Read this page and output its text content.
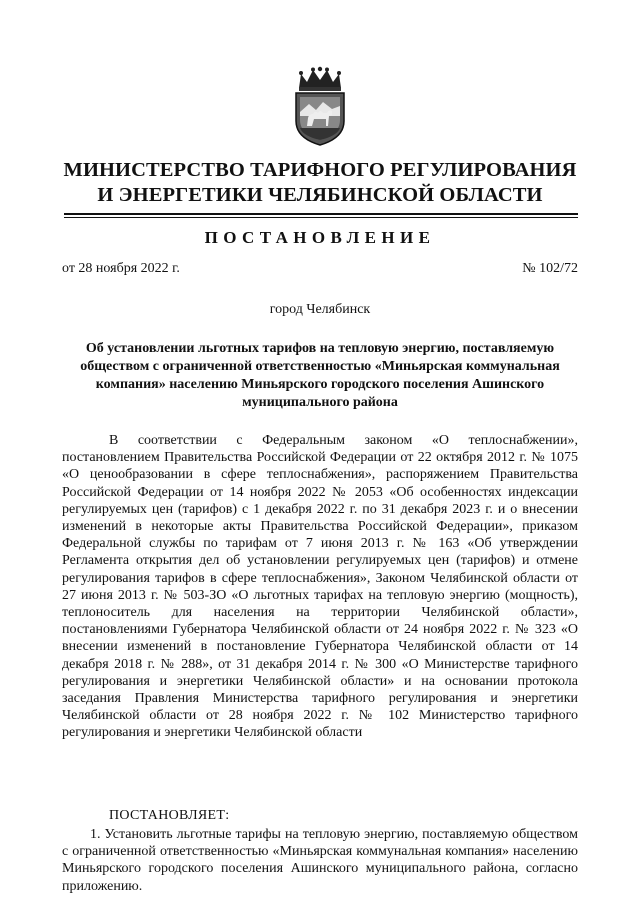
МИНИСТЕРСТВО ТАРИФНОГО РЕГУЛИРОВАНИЯ
И ЭНЕРГЕТИКИ ЧЕЛЯБИНСКОЙ ОБЛАСТИ
ПОСТАНОВЛЕНИЕ
от 28 ноября 2022 г.	№ 102/72
город Челябинск
Об установлении льготных тарифов на тепловую энергию, поставляемую обществом с ограниченной ответственностью «Миньярская коммунальная компания» населению Миньярского городского поселения Ашинского муниципального района
В соответствии с Федеральным законом «О теплоснабжении», постановлением Правительства Российской Федерации от 22 октября 2012 г. № 1075 «О ценообразовании в сфере теплоснабжения», распоряжением Правительства Российской Федерации от 14 ноября 2022 № 2053 «Об особенностях индексации регулируемых цен (тарифов) с 1 декабря 2022 г. по 31 декабря 2023 г. и о внесении изменений в некоторые акты Правительства Российской Федерации», приказом Федеральной службы по тарифам от 7 июня 2013 г. № 163 «Об утверждении Регламента открытия дел об установлении регулируемых цен (тарифов) и отмене регулирования тарифов в сфере теплоснабжения», Законом Челябинской области от 27 июня 2013 г. № 503-ЗО «О льготных тарифах на тепловую энергию (мощность), теплоноситель для населения на территории Челябинской области», постановлениями Губернатора Челябинской области от 24 ноября 2022 г. № 323 «О внесении изменений в постановление Губернатора Челябинской области от 14 декабря 2018 г. № 288», от 31 декабря 2014 г. № 300 «О Министерстве тарифного регулирования и энергетики Челябинской области» и на основании протокола заседания Правления Министерства тарифного регулирования и энергетики Челябинской области от 28 ноября 2022 г. № 102 Министерство тарифного регулирования и энергетики Челябинской области
ПОСТАНОВЛЯЕТ:
1. Установить льготные тарифы на тепловую энергию, поставляемую обществом с ограниченной ответственностью «Миньярская коммунальная компания» населению Миньярского городского поселения Ашинского муниципального района, согласно приложению.
